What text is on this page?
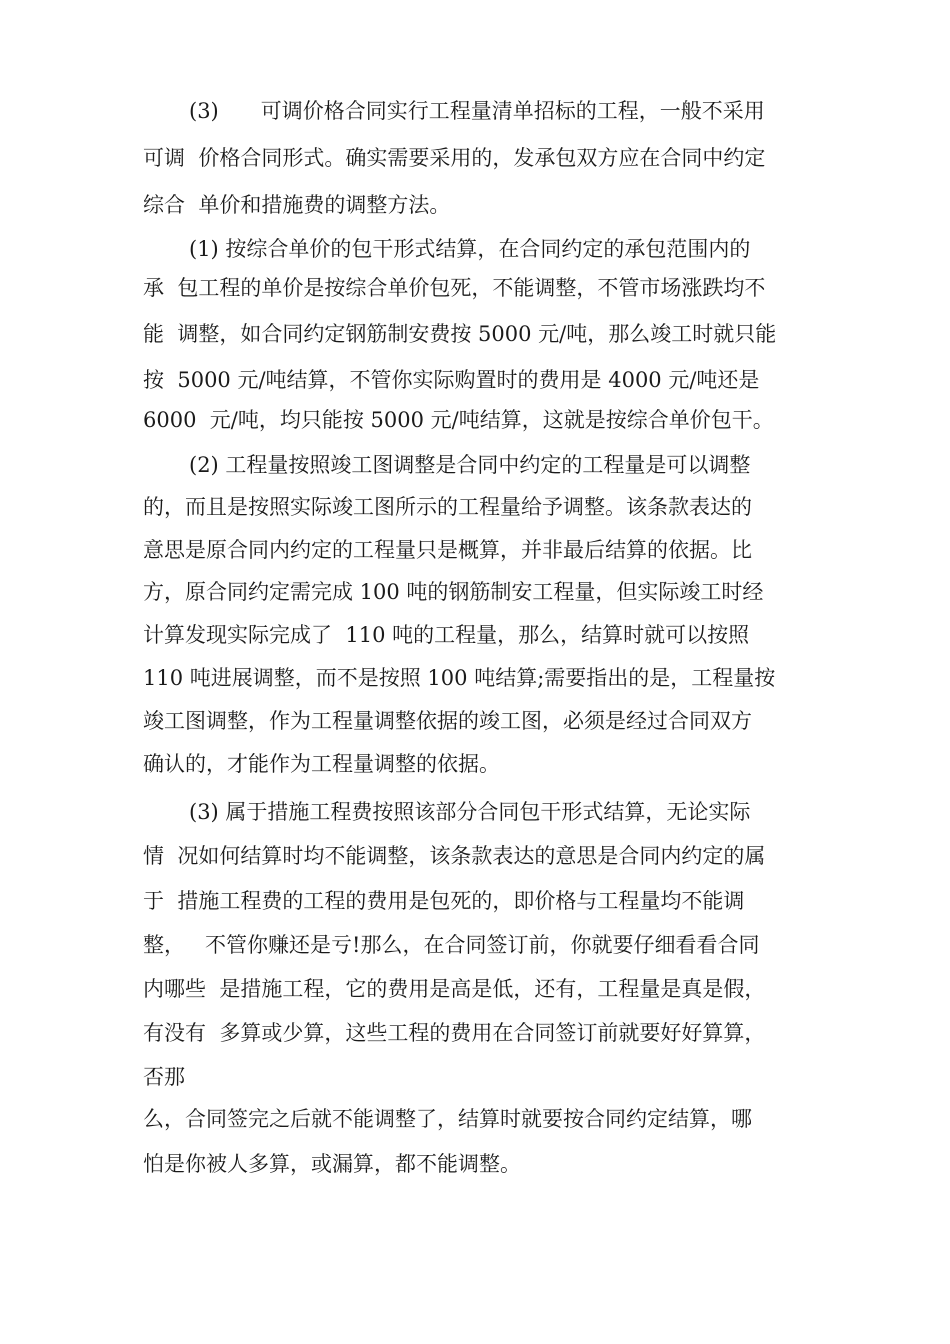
(3)　　可调价格合同实行工程量清单招标的工程，一般不采用
可调  价格合同形式。确实需要采用的，发承包双方应在合同中约定
综合  单价和措施费的调整方法。
(1) 按综合单价的包干形式结算，在合同约定的承包范围内的
承  包工程的单价是按综合单价包死，不能调整，不管市场涨跌均不
能  调整，如合同约定钢筋制安费按 5000 元/吨，那么竣工时就只能
按  5000 元/吨结算，不管你实际购置时的费用是 4000 元/吨还是
6000  元/吨，均只能按 5000 元/吨结算，这就是按综合单价包干。
(2) 工程量按照竣工图调整是合同中约定的工程量是可以调整
的，而且是按照实际竣工图所示的工程量给予调整。该条款表达的
意思是原合同内约定的工程量只是概算，并非最后结算的依据。比
方，原合同约定需完成 100 吨的钢筋制安工程量，但实际竣工时经
计算发现实际完成了  110 吨的工程量，那么，结算时就可以按照
110 吨进展调整，而不是按照 100 吨结算;需要指出的是，工程量按
竣工图调整，作为工程量调整依据的竣工图，必须是经过合同双方
确认的，才能作为工程量调整的依据。
(3) 属于措施工程费按照该部分合同包干形式结算，无论实际
情  况如何结算时均不能调整，该条款表达的意思是合同内约定的属
于  措施工程费的工程的费用是包死的，即价格与工程量均不能调
整，   不管你赚还是亏!那么，在合同签订前，你就要仔细看看合同
内哪些  是措施工程，它的费用是高是低，还有，工程量是真是假，
有没有  多算或少算，这些工程的费用在合同签订前就要好好算算，
否那
么，合同签完之后就不能调整了，结算时就要按合同约定结算，哪
怕是你被人多算，或漏算，都不能调整。
